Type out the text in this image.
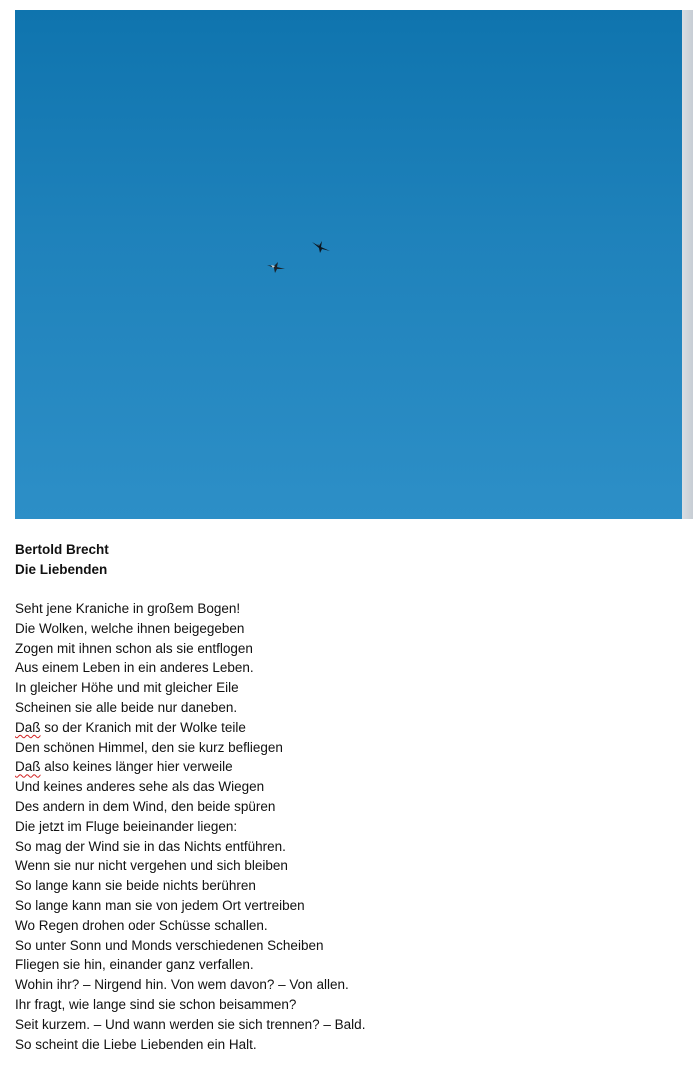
Bertold Brecht
Die Liebenden
Seht jene Kraniche in großem Bogen!
Die Wolken, welche ihnen beigegeben
Zogen mit ihnen schon als sie entflogen
Aus einem Leben in ein anderes Leben.
In gleicher Höhe und mit gleicher Eile
Scheinen sie alle beide nur daneben.
Daß so der Kranich mit der Wolke teile
Den schönen Himmel, den sie kurz befliegen
Daß also keines länger hier verweile
Und keines anderes sehe als das Wiegen
Des andern in dem Wind, den beide spüren
Die jetzt im Fluge beieinander liegen:
So mag der Wind sie in das Nichts entführen.
Wenn sie nur nicht vergehen und sich bleiben
So lange kann sie beide nichts berühren
So lange kann man sie von jedem Ort vertreiben
Wo Regen drohen oder Schüsse schallen.
So unter Sonn und Monds verschiedenen Scheiben
Fliegen sie hin, einander ganz verfallen.
Wohin ihr? – Nirgend hin. Von wem davon? – Von allen.
Ihr fragt, wie lange sind sie schon beisammen?
Seit kurzem. – Und wann werden sie sich trennen? – Bald.
So scheint die Liebe Liebenden ein Halt.
